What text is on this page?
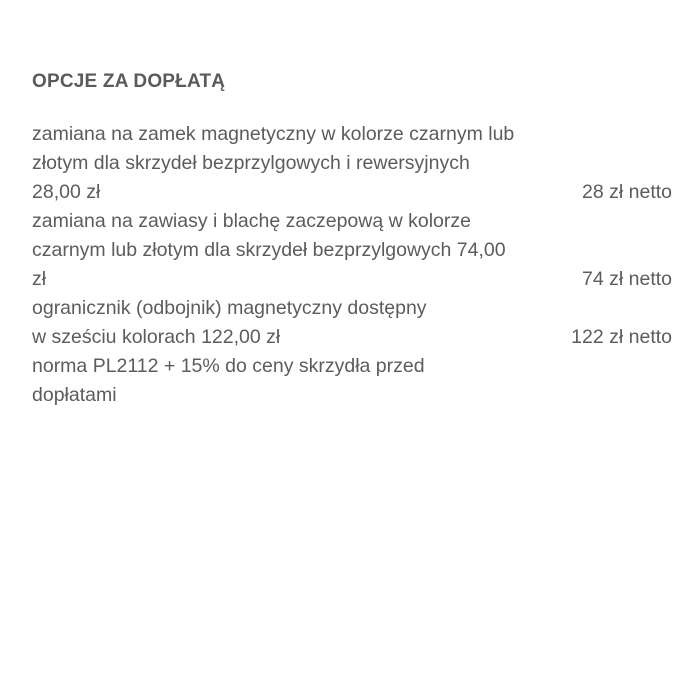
OPCJE ZA DOPŁATĄ
zamiana na zamek magnetyczny w kolorze czarnym lub złotym dla skrzydeł bezprzylgowych i rewersyjnych 28,00 zł	28 zł netto
zamiana na zawiasy i blachę zaczepową w kolorze czarnym lub złotym dla skrzydeł bezprzylgowych 74,00 zł	74 zł netto
ogranicznik (odbojnik) magnetyczny dostępny w sześciu kolorach 122,00 zł	122 zł netto
norma PL2112 + 15% do ceny skrzydła przed dopłatami
